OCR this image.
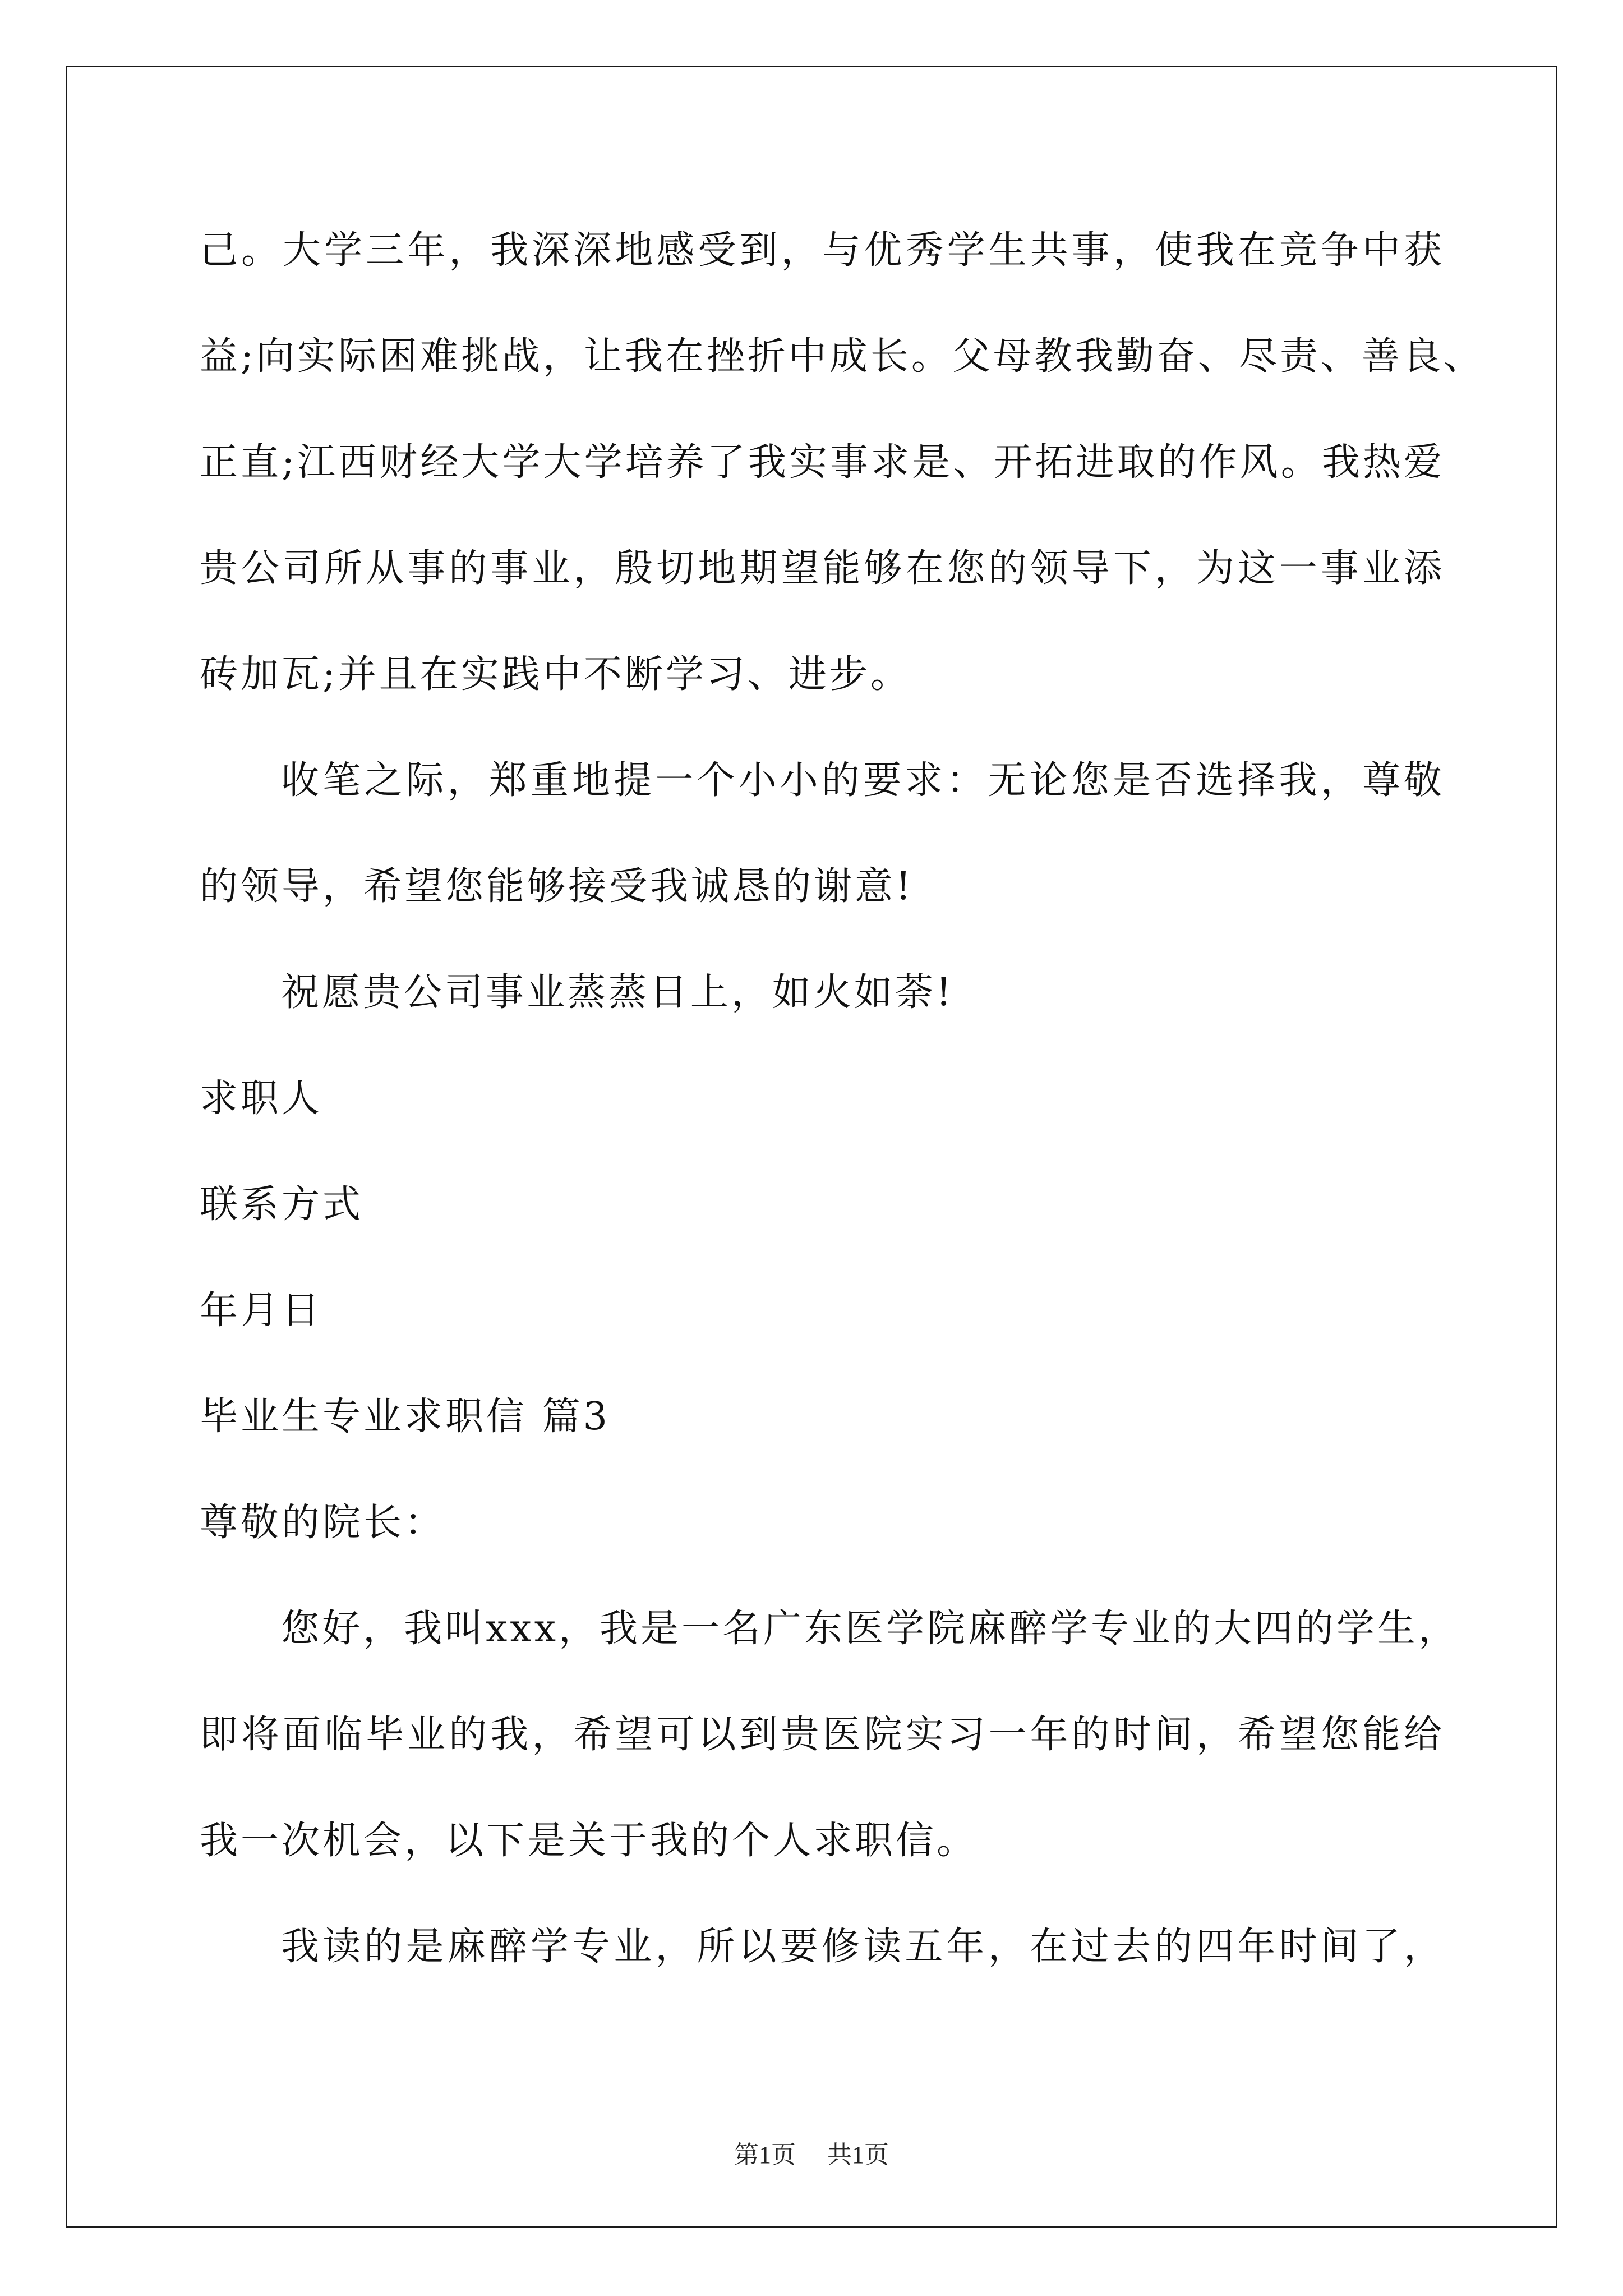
己。大学三年，我深深地感受到，与优秀学生共事，使我在竞争中获
益;向实际困难挑战，让我在挫折中成长。父母教我勤奋、尽责、善良、
正直;江西财经大学大学培养了我实事求是、开拓进取的作风。我热爱
贵公司所从事的事业，殷切地期望能够在您的领导下，为这一事业添
砖加瓦;并且在实践中不断学习、进步。
收笔之际，郑重地提一个小小的要求：无论您是否选择我，尊敬
的领导，希望您能够接受我诚恳的谢意!
祝愿贵公司事业蒸蒸日上，如火如荼!
求职人
联系方式
年月日
毕业生专业求职信 篇3
尊敬的院长：
您好，我叫xxx，我是一名广东医学院麻醉学专业的大四的学生，
即将面临毕业的我，希望可以到贵医院实习一年的时间，希望您能给
我一次机会，以下是关于我的个人求职信。
我读的是麻醉学专业，所以要修读五年，在过去的四年时间了，
第1页 共1页
